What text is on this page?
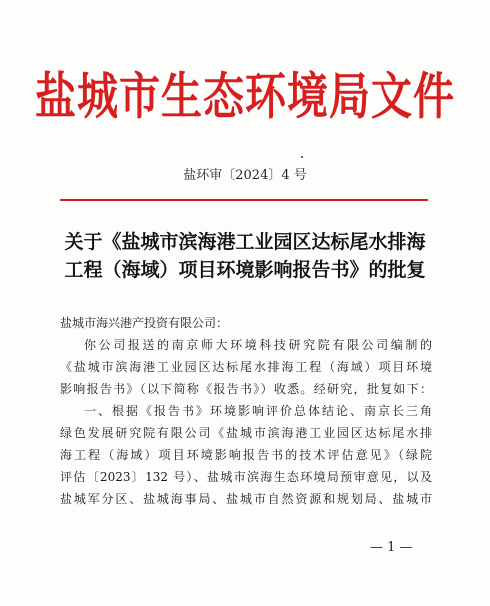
盐城市生态环境局文件
盐环审〔2024〕4 号
关于《盐城市滨海港工业园区达标尾水排海
工程（海域）项目环境影响报告书》的批复
盐城市海兴港产投资有限公司：
你公司报送的南京师大环境科技研究院有限公司编制的
《盐城市滨海港工业园区达标尾水排海工程（海域）项目环境
影响报告书》（以下简称《报告书》）收悉。经研究，批复如下：
一、根据《报告书》环境影响评价总体结论、南京长三角
绿色发展研究院有限公司《盐城市滨海港工业园区达标尾水排
海工程（海域）项目环境影响报告书的技术评估意见》（绿院
评估〔2023〕132 号）、盐城市滨海生态环境局预审意见，以及
盐城军分区、盐城海事局、盐城市自然资源和规划局、盐城市
— 1 —
